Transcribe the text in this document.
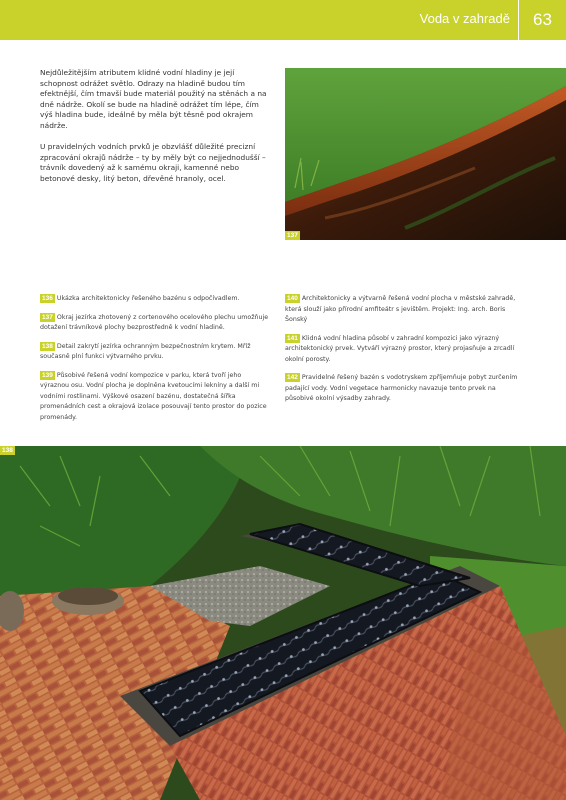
Voda v zahradě	63

Nejdůležitějším atributem klidné vodní hladiny je její schopnost odrážet světlo. Odrazy na hladině budou tím efektnější, čím tmavší bude materiál použitý na stěnách a na dně nádrže. Okolí se bude na hladině odrážet tím lépe, čím výš hladina bude, ideálně by měla být těsně pod okrajem nádrže.

U pravidelných vodních prvků je obzvlášť důležité precizní zpracování okrajů nádrže – ty by měly být co nejjednodušší – trávník dovedený až k samému okraji, kamenné nebo betonové desky, litý beton, dřevěné hranoly, ocel.

137
136 Ukázka architektonicky řešeného bazénu s odpočívadlem.
137 Okraj jezírka zhotovený z cortenového ocelového plechu umožňuje dotažení trávníkové plochy bezprostředně k vodní hladině.
138 Detail zakrytí jezírka ochranným bezpečnostním krytem. Mříž současně plní funkci výtvarného prvku.
139 Působivé řešená vodní kompozice v parku, která tvoří jeho výraznou osu. Vodní plocha je doplněna kvetoucími lekníny a další mi vodními rostlinami. Výškové osazení bazénu, dostatečná šířka promenádních cest a okrajová izolace posouvají tento prostor do pozice promenády.
140 Architektonicky a výtvarně řešená vodní plocha v městské zahradě, která slouží jako přírodní amfiteátr s jevištěm. Projekt: Ing. arch. Boris Šonský
141 Klidná vodní hladina působí v zahradní kompozici jako výrazný architektonický prvek. Vytváří výrazný prostor, který projasňuje a zrcadlí okolní porosty.
142 Pravidelné řešený bazén s vodotryskem zpříjemňuje pobyt zurčením padající vody. Vodní vegetace harmonicky navazuje tento prvek na působivé okolní výsadby zahrady.
138
